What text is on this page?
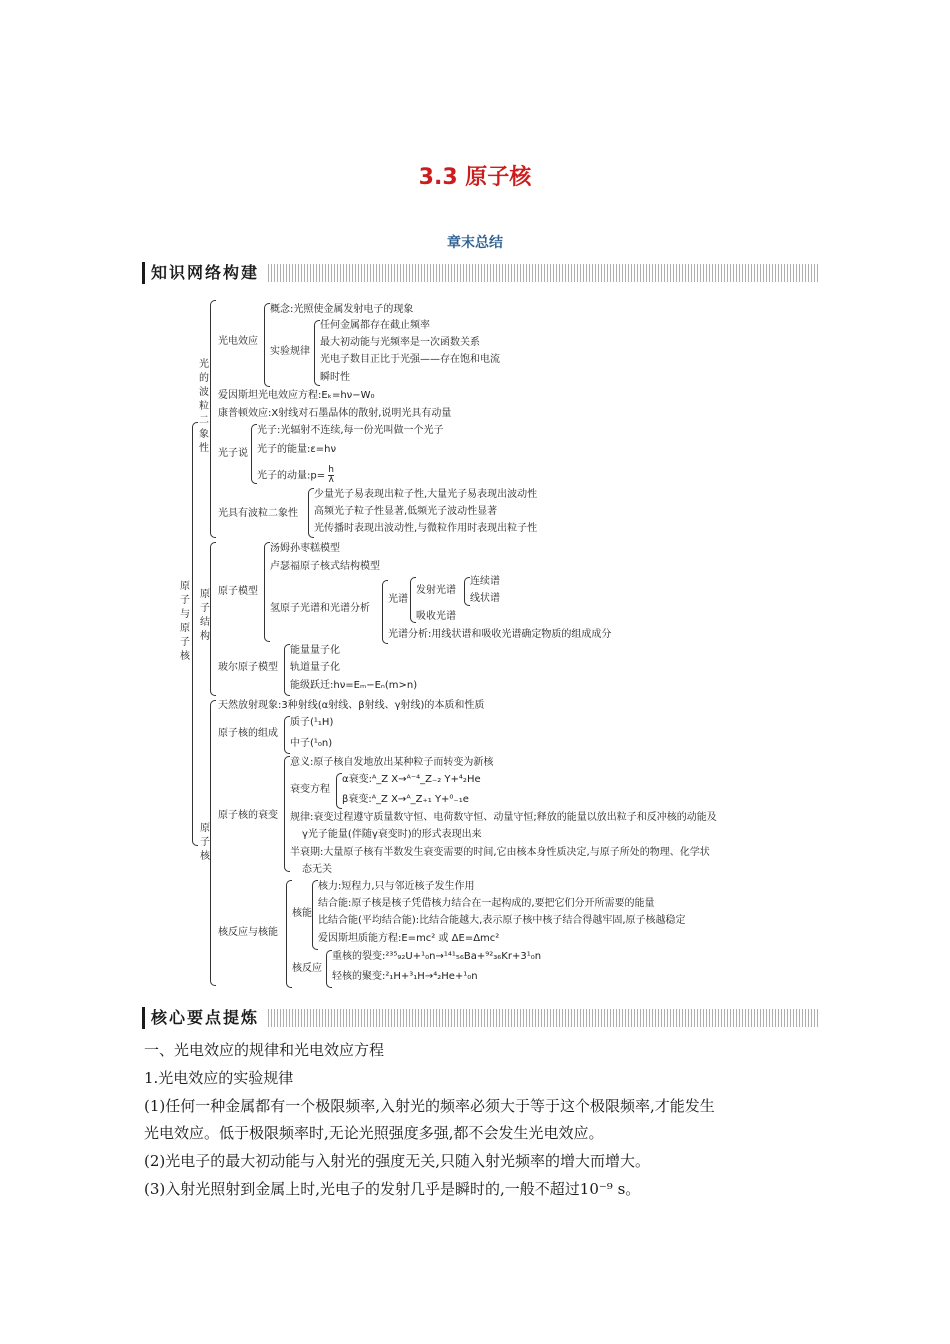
3.3 原子核
章末总结
知识网络构建
光的波粒二象性
原子与原子核
原子结构
原子核
光电效应
概念:光照使金属发射电子的现象
实验规律
任何金属都存在截止频率
最大初动能与光频率是一次函数关系
光电子数目正比于光强——存在饱和电流
瞬时性
爱因斯坦光电效应方程:Eₖ=hν−W₀
康普顿效应:X射线对石墨晶体的散射,说明光具有动量
光子说
光子:光辐射不连续,每一份光叫做一个光子
光子的能量:ε=hν
光子的动量:p= $\frac{h}{\lambda}$
光具有波粒二象性
少量光子易表现出粒子性,大量光子易表现出波动性
高频光子粒子性显著,低频光子波动性显著
光传播时表现出波动性,与微粒作用时表现出粒子性
原子模型
汤姆孙枣糕模型
卢瑟福原子核式结构模型
氢原子光谱和光谱分析
光谱
发射光谱
连续谱
线状谱
吸收光谱
光谱分析:用线状谱和吸收光谱确定物质的组成成分
玻尔原子模型
能量量子化
轨道量子化
能级跃迁:hν=Eₘ−Eₙ(m>n)
天然放射现象:3种射线(α射线、β射线、γ射线)的本质和性质
原子核的组成
质子(¹₁H)
中子(¹₀n)
原子核的衰变
意义:原子核自发地放出某种粒子而转变为新核
衰变方程
α衰变:ᴬ_Z X→ᴬ⁻⁴_Z₋₂ Y+⁴₂He
β衰变:ᴬ_Z X→ᴬ_Z₊₁ Y+⁰₋₁e
规律:衰变过程遵守质量数守恒、电荷数守恒、动量守恒;释放的能量以放出粒子和反冲核的动能及
γ光子能量(伴随γ衰变时)的形式表现出来
半衰期:大量原子核有半数发生衰变需要的时间,它由核本身性质决定,与原子所处的物理、化学状
态无关
核反应与核能
核能
核力:短程力,只与邻近核子发生作用
结合能:原子核是核子凭借核力结合在一起构成的,要把它们分开所需要的能量
比结合能(平均结合能):比结合能越大,表示原子核中核子结合得越牢固,原子核越稳定
爱因斯坦质能方程:E=mc² 或 ΔE=Δmc²
核反应
重核的裂变:²³⁵₉₂U+¹₀n→¹⁴¹₅₆Ba+⁹²₃₆Kr+3¹₀n
轻核的聚变:²₁H+³₁H→⁴₂He+¹₀n
核心要点提炼
一、光电效应的规律和光电效应方程
1.光电效应的实验规律
(1)任何一种金属都有一个极限频率,入射光的频率必须大于等于这个极限频率,才能发生
光电效应。低于极限频率时,无论光照强度多强,都不会发生光电效应。
(2)光电子的最大初动能与入射光的强度无关,只随入射光频率的增大而增大。
(3)入射光照射到金属上时,光电子的发射几乎是瞬时的,一般不超过10⁻⁹ s。
